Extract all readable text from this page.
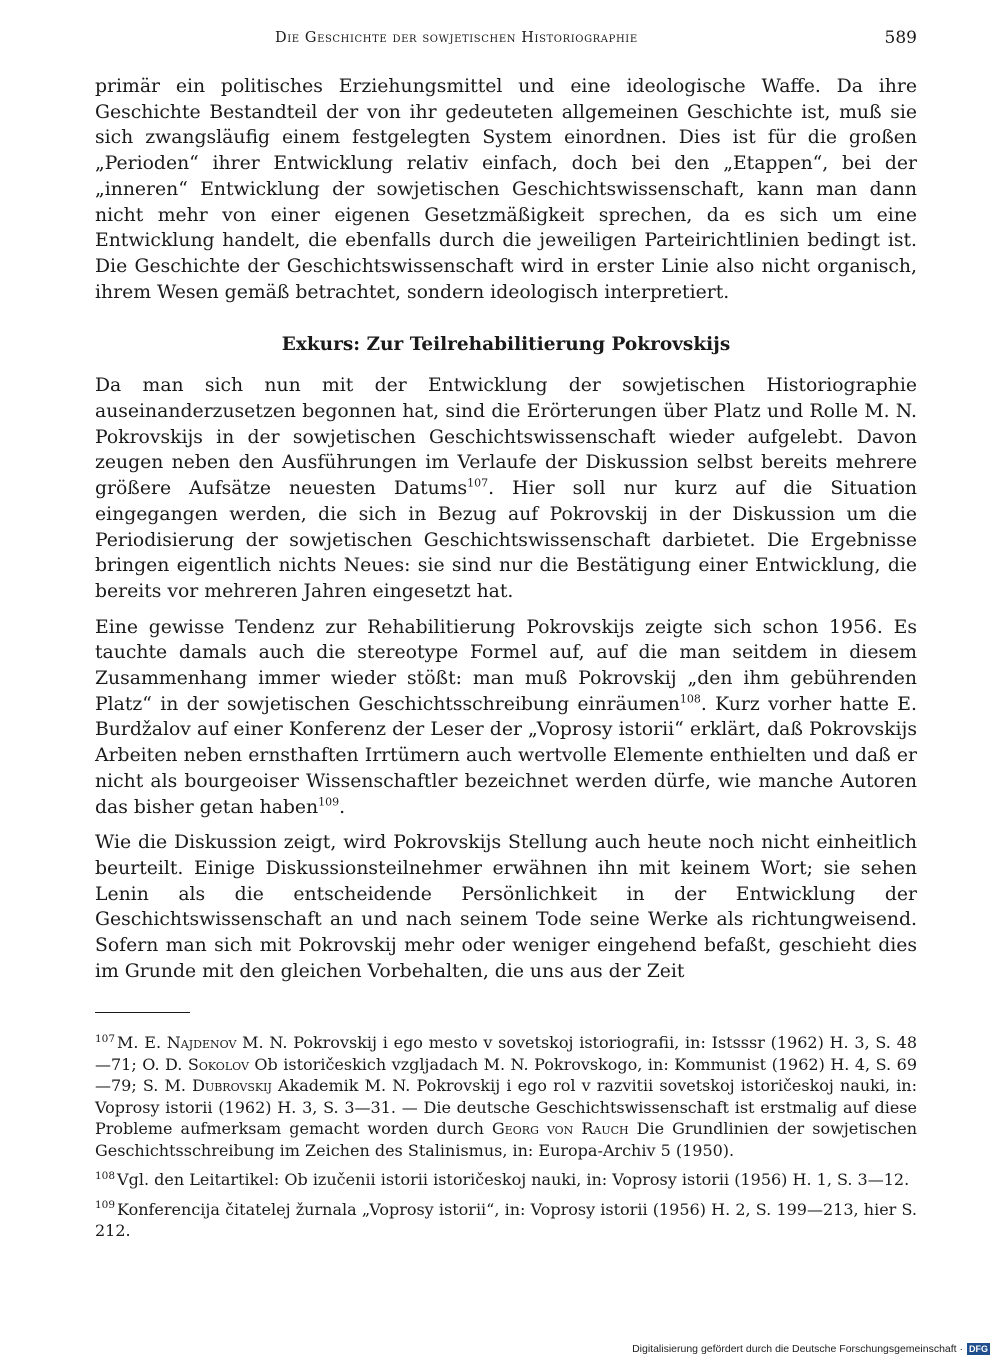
Die Geschichte der sowjetischen Historiographie	589

primär ein politisches Erziehungsmittel und eine ideologische Waffe. Da ihre Geschichte Bestandteil der von ihr gedeuteten allgemeinen Geschichte ist, muß sie sich zwangsläufig einem festgelegten System einordnen. Dies ist für die großen „Perioden“ ihrer Entwicklung relativ einfach, doch bei den „Etappen“, bei der „inneren“ Entwicklung der sowjetischen Geschichtswissenschaft, kann man dann nicht mehr von einer eigenen Gesetzmäßigkeit sprechen, da es sich um eine Entwicklung handelt, die ebenfalls durch die jeweiligen Parteirichtlinien bedingt ist. Die Geschichte der Geschichtswissenschaft wird in erster Linie also nicht organisch, ihrem Wesen gemäß betrachtet, sondern ideologisch interpretiert.

Exkurs: Zur Teilrehabilitierung Pokrovskijs

Da man sich nun mit der Entwicklung der sowjetischen Historiographie auseinanderzusetzen begonnen hat, sind die Erörterungen über Platz und Rolle M. N. Pokrovskijs in der sowjetischen Geschichtswissenschaft wieder aufgelebt. Davon zeugen neben den Ausführungen im Verlaufe der Diskussion selbst bereits mehrere größere Aufsätze neuesten Datums$^{107}$. Hier soll nur kurz auf die Situation eingegangen werden, die sich in Bezug auf Pokrovskij in der Diskussion um die Periodisierung der sowjetischen Geschichtswissenschaft darbietet. Die Ergebnisse bringen eigentlich nichts Neues: sie sind nur die Bestätigung einer Entwicklung, die bereits vor mehreren Jahren eingesetzt hat.

Eine gewisse Tendenz zur Rehabilitierung Pokrovskijs zeigte sich schon 1956. Es tauchte damals auch die stereotype Formel auf, auf die man seitdem in diesem Zusammenhang immer wieder stößt: man muß Pokrovskij „den ihm gebührenden Platz“ in der sowjetischen Geschichtsschreibung einräumen$^{108}$. Kurz vorher hatte E. Burdžalov auf einer Konferenz der Leser der „Voprosy istorii“ erklärt, daß Pokrovskijs Arbeiten neben ernsthaften Irrtümern auch wertvolle Elemente enthielten und daß er nicht als bourgeoiser Wissenschaftler bezeichnet werden dürfe, wie manche Autoren das bisher getan haben$^{109}$.

Wie die Diskussion zeigt, wird Pokrovskijs Stellung auch heute noch nicht einheitlich beurteilt. Einige Diskussionsteilnehmer erwähnen ihn mit keinem Wort; sie sehen Lenin als die entscheidende Persönlichkeit in der Entwicklung der Geschichtswissenschaft an und nach seinem Tode seine Werke als richtungweisend. Sofern man sich mit Pokrovskij mehr oder weniger eingehend befaßt, geschieht dies im Grunde mit den gleichen Vorbehalten, die uns aus der Zeit

$^{107}$ M. E. Najdenov M. N. Pokrovskij i ego mesto v sovetskoj istoriografii, in: Istsssr (1962) H. 3, S. 48—71; O. D. Sokolov Ob istoričeskich vzgljadach M. N. Pokrovskogo, in: Kommunist (1962) H. 4, S. 69—79; S. M. Dubrovskij Akademik M. N. Pokrovskij i ego rol v razvitii sovetskoj istoričeskoj nauki, in: Voprosy istorii (1962) H. 3, S. 3—31. — Die deutsche Geschichtswissenschaft ist erstmalig auf diese Probleme aufmerksam gemacht worden durch Georg von Rauch Die Grundlinien der sowjetischen Geschichtsschreibung im Zeichen des Stalinismus, in: Europa-Archiv 5 (1950).

$^{108}$ Vgl. den Leitartikel: Ob izučenii istorii istoričeskoj nauki, in: Voprosy istorii (1956) H. 1, S. 3—12.

$^{109}$ Konferencija čitatelej žurnala „Voprosy istorii“, in: Voprosy istorii (1956) H. 2, S. 199—213, hier S. 212.

Digitalisierung gefördert durch die Deutsche Forschungsgemeinschaft · DFG
